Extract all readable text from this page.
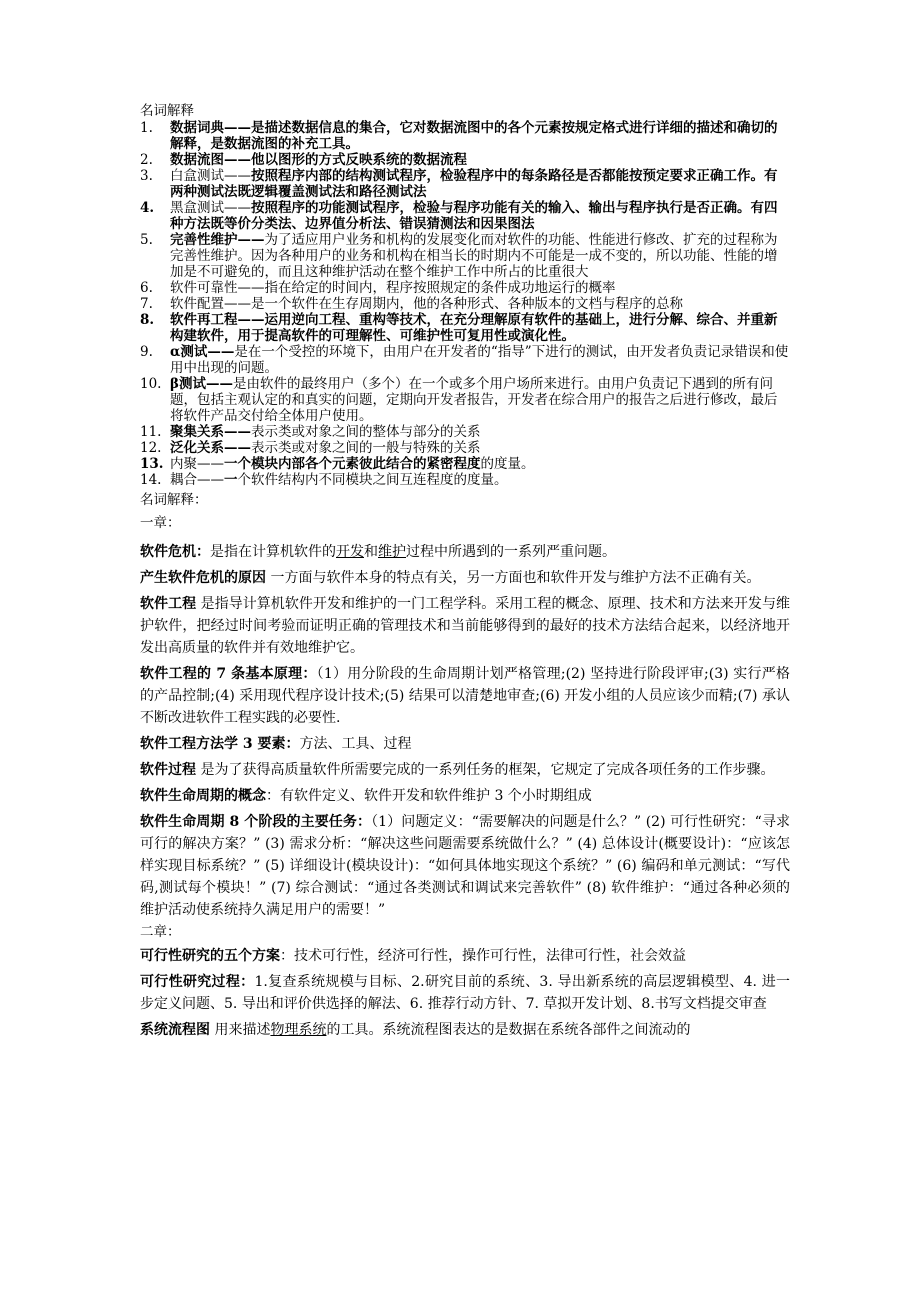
名词解释
1. 数据词典——是描述数据信息的集合，它对数据流图中的各个元素按规定格式进行详细的描述和确切的解释，是数据流图的补充工具。
2. 数据流图——他以图形的方式反映系统的数据流程
3. 白盒测试——按照程序内部的结构测试程序，检验程序中的每条路径是否都能按预定要求正确工作。有两种测试法既逻辑覆盖测试法和路径测试法
4. 黑盒测试——按照程序的功能测试程序，检验与程序功能有关的输入、输出与程序执行是否正确。有四种方法既等价分类法、边界值分析法、错误猜测法和因果图法
5. 完善性维护——为了适应用户业务和机构的发展变化而对软件的功能、性能进行修改、扩充的过程称为完善性维护。因为各种用户的业务和机构在相当长的时期内不可能是一成不变的，所以功能、性能的增加是不可避免的，而且这种维护活动在整个维护工作中所占的比重很大
6. 软件可靠性——指在给定的时间内，程序按照规定的条件成功地运行的概率
7. 软件配置——是一个软件在生存周期内，他的各种形式、各种版本的文档与程序的总称
8. 软件再工程——运用逆向工程、重构等技术，在充分理解原有软件的基础上，进行分解、综合、并重新构建软件，用于提高软件的可理解性、可维护性可复用性或演化性。
9. α测试——是在一个受控的环境下，由用户在开发者的“指导”下进行的测试，由开发者负责记录错误和使用中出现的问题。
10. β测试——是由软件的最终用户（多个）在一个或多个用户场所来进行。由用户负责记下遇到的所有问题，包括主观认定的和真实的问题，定期向开发者报告，开发者在综合用户的报告之后进行修改，最后将软件产品交付给全体用户使用。
11. 聚集关系——表示类或对象之间的整体与部分的关系
12. 泛化关系——表示类或对象之间的一般与特殊的关系
13. 内聚——一个模块内部各个元素彼此结合的紧密程度的度量。
14. 耦合——一个软件结构内不同模块之间互连程度的度量。
名词解释：
一章：

软件危机：是指在计算机软件的开发和维护过程中所遇到的一系列严重问题。

产生软件危机的原因 一方面与软件本身的特点有关，另一方面也和软件开发与维护方法不正确有关。

软件工程 是指导计算机软件开发和维护的一门工程学科。采用工程的概念、原理、技术和方法来开发与维护软件，把经过时间考验而证明正确的管理技术和当前能够得到的最好的技术方法结合起来，以经济地开发出高质量的软件并有效地维护它。

软件工程的 7 条基本原理：（1）用分阶段的生命周期计划严格管理;(2) 坚持进行阶段评审;(3) 实行严格的产品控制;(4) 采用现代程序设计技术;(5) 结果可以清楚地审查;(6) 开发小组的人员应该少而精;(7) 承认不断改进软件工程实践的必要性.

软件工程方法学 3 要素：方法、工具、过程

软件过程 是为了获得高质量软件所需要完成的一系列任务的框架，它规定了完成各项任务的工作步骤。

软件生命周期的概念：有软件定义、软件开发和软件维护 3 个小时期组成

软件生命周期 8 个阶段的主要任务：（1）问题定义：“需要解决的问题是什么？” (2) 可行性研究：“寻求可行的解决方案？” (3) 需求分析：“解决这些问题需要系统做什么？” (4) 总体设计(概要设计)：“应该怎样实现目标系统？” (5) 详细设计(模块设计)：“如何具体地实现这个系统？” (6) 编码和单元测试：“写代码,测试每个模块！” (7) 综合测试：“通过各类测试和调试来完善软件” (8) 软件维护：“通过各种必须的维护活动使系统持久满足用户的需要！”

二章：

可行性研究的五个方案：技术可行性，经济可行性，操作可行性，法律可行性，社会效益

可行性研究过程：1.复查系统规模与目标、2.研究目前的系统、3. 导出新系统的高层逻辑模型、4. 进一步定义问题、5. 导出和评价供选择的解法、6. 推荐行动方针、7. 草拟开发计划、8.书写文档提交审查

系统流程图 用来描述物理系统的工具。系统流程图表达的是数据在系统各部件之间流动的
